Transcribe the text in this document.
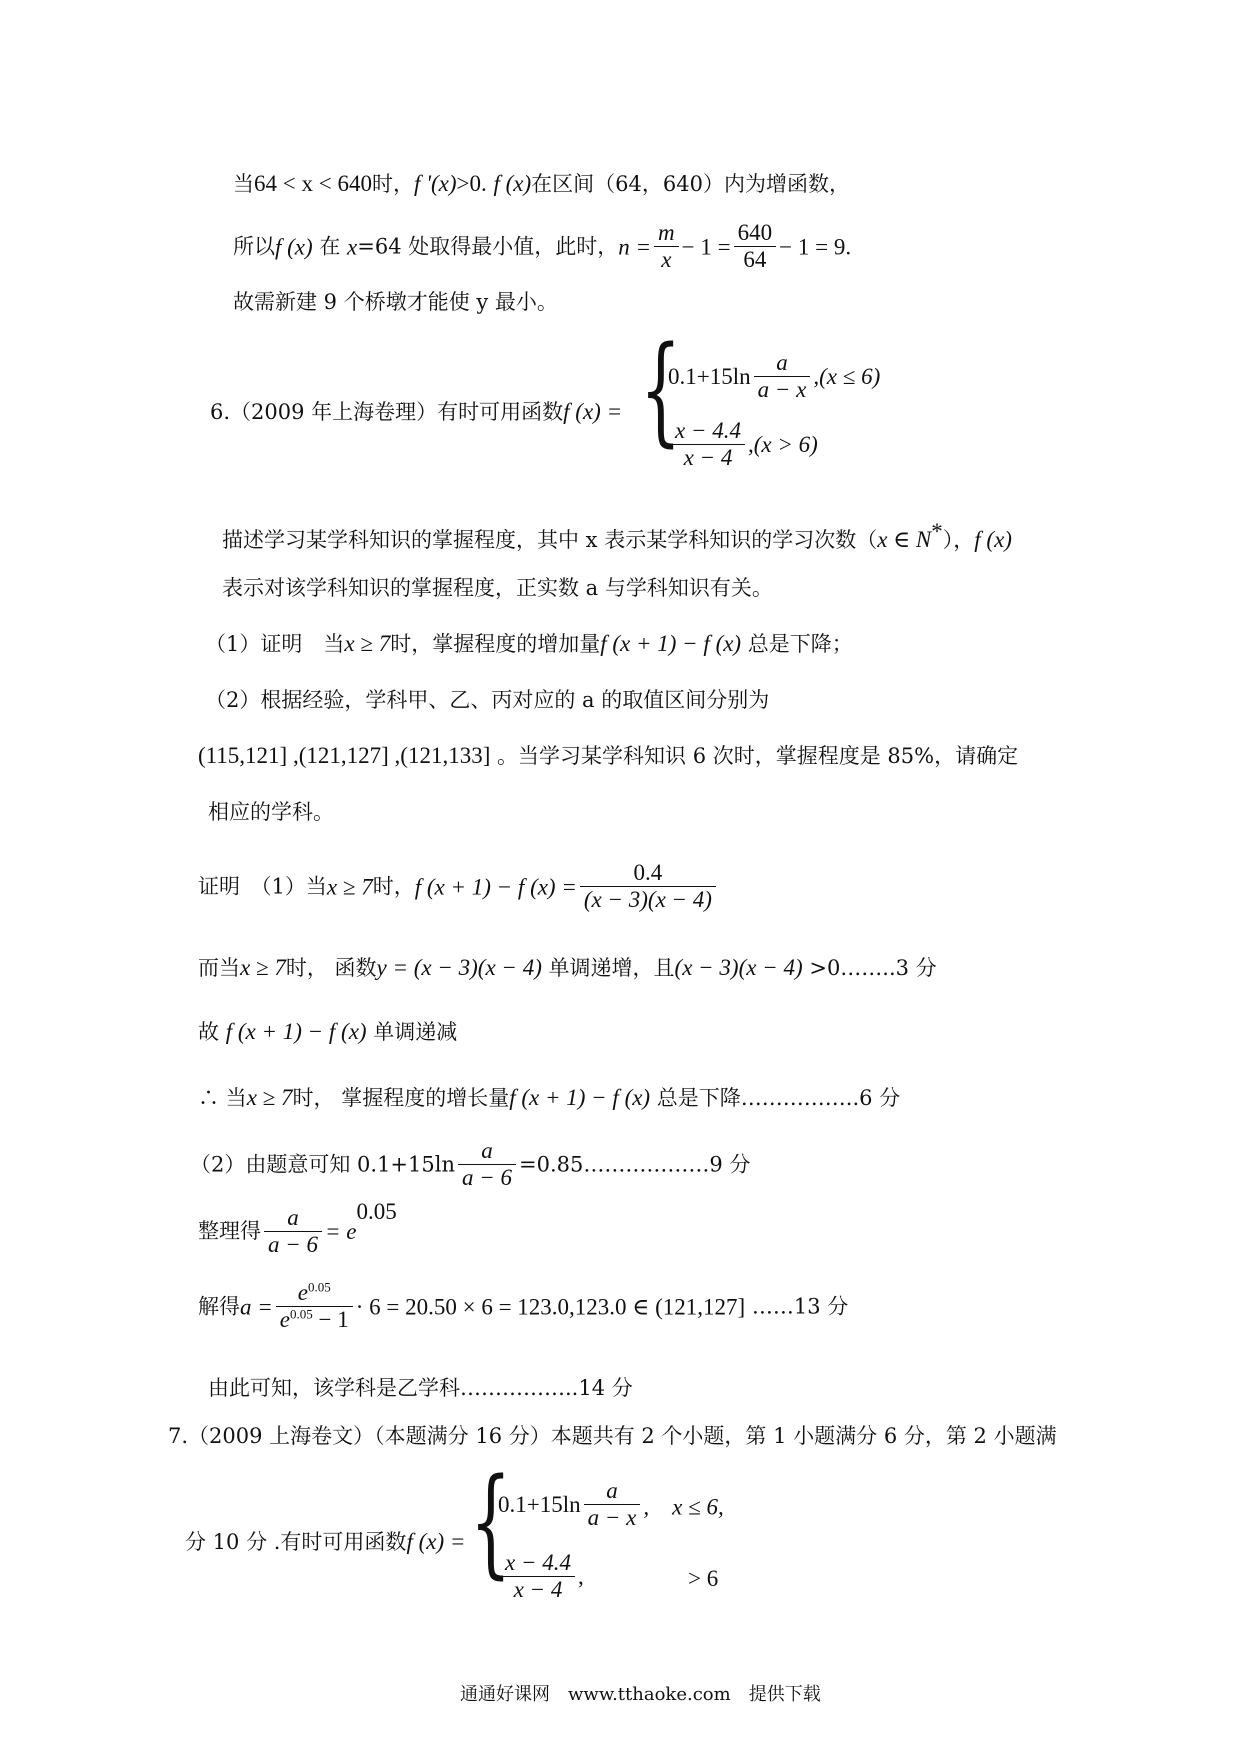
当64 < x < 640时，f '(x)>0. f (x)在区间（64，640）内为增函数，
所以f (x) 在 x=64 处取得最小值，此时，$n = \frac{m}{x} - 1 = \frac{640}{64} - 1 = 9$.
故需新建 9 个桥墩才能使 y 最小。
6.（2009 年上海卷理）有时可用函数f (x) = {
$0.1+15\ln \frac{a}{a - x} ,(x \le 6)$
$\frac{x - 4.4}{x - 4} ,(x > 6)$
描述学习某学科知识的掌握程度，其中 x 表示某学科知识的学习次数（x ∈ N*），f (x)
表示对该学科知识的掌握程度，正实数 a 与学科知识有关。
（1）证明　当x ≥ 7时，掌握程度的增加量f (x + 1) − f (x) 总是下降；
（2）根据经验，学科甲、乙、丙对应的 a 的取值区间分别为
(115,121] ,(121,127] ,(121,133] 。当学习某学科知识 6 次时，掌握程度是 85%，请确定
相应的学科。
证明　（1）当x ≥ 7时，f (x + 1) − f $(x) = \frac{0.4}{(x - 3)(x - 4)}$
而当x ≥ 7时， 函数y = (x − 3)(x − 4) 单调递增，且(x − 3)(x − 4) >0……..3 分
故 f (x + 1) − f (x) 单调递减
∴ 当x ≥ 7时， 掌握程度的增长量f (x + 1) − f (x) 总是下降……………..6 分
（2）由题意可知 $0.1+15\ln \frac{a}{a - 6}$ =0.85………………9 分
整理得 $\frac{a}{a - 6} = e^{0.05}$
解得$a = \frac{e^{0.05}}{e^{0.05} - 1} \cdot 6 = 20.50 \times 6 = 123.0,123.0$ ∈ (121,127] ……13 分
由此可知，该学科是乙学科……………..14 分
7.（2009 上海卷文）（本题满分 16 分）本题共有 2 个小题，第 1 小题满分 6 分，第 2 小题满
分 10 分 .有时可用函数f (x) = {
$0.1+15\ln \frac{a}{a - x}$ ,　x ≤ 6,
$\frac{x - 4.4}{x - 4}$ ,	> 6
通通好课网　www.tthaoke.com　提供下载
